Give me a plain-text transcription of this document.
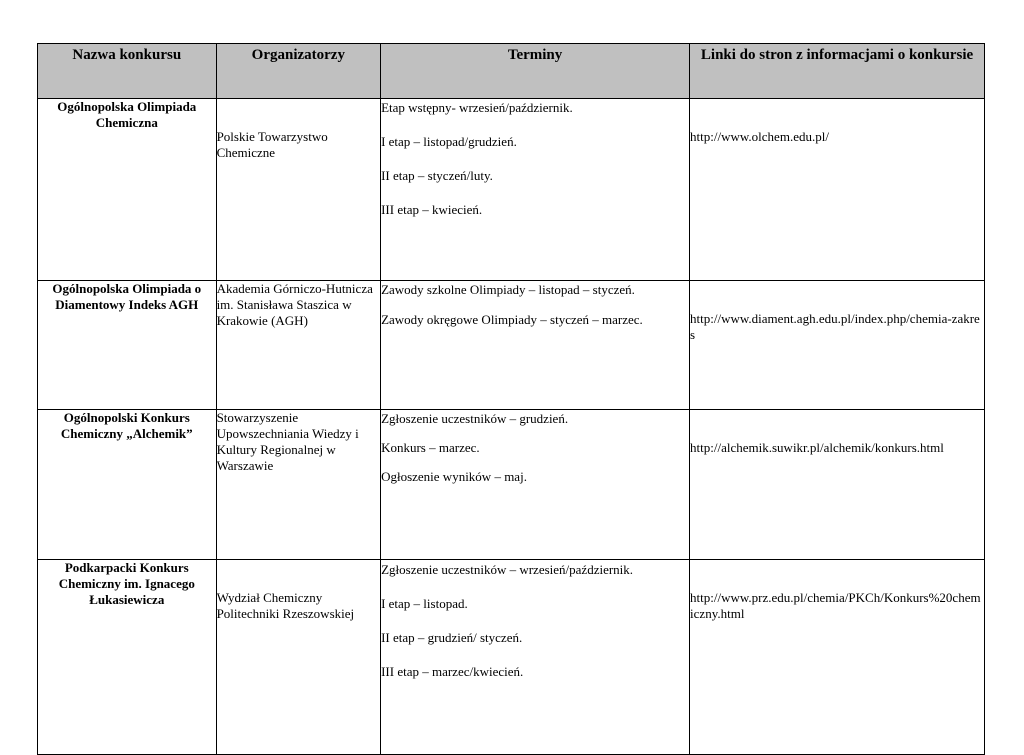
Nazwa konkursu	Organizatorzy	Terminy	Linki do stron z informacjami o konkursie
Ogólnopolska Olimpiada Chemiczna	Polskie Towarzystwo Chemiczne	Etap wstępny- wrzesień/październik.

I etap – listopad/grudzień.

II etap – styczeń/luty.

III etap – kwiecień.	http://www.olchem.edu.pl/
Ogólnopolska Olimpiada o Diamentowy Indeks AGH	Akademia Górniczo-Hutnicza im. Stanisława Staszica w Krakowie (AGH)	Zawody szkolne Olimpiady – listopad – styczeń.

Zawody okręgowe Olimpiady – styczeń – marzec.	http://www.diament.agh.edu.pl/index.php/chemia-zakres
Ogólnopolski Konkurs Chemiczny „Alchemik”	Stowarzyszenie Upowszechniania Wiedzy i Kultury Regionalnej w Warszawie	Zgłoszenie uczestników – grudzień.

Konkurs – marzec.

Ogłoszenie wyników – maj.	http://alchemik.suwikr.pl/alchemik/konkurs.html
Podkarpacki Konkurs Chemiczny im. Ignacego Łukasiewicza	Wydział Chemiczny Politechniki Rzeszowskiej	Zgłoszenie uczestników – wrzesień/październik.

I etap – listopad.

II etap – grudzień/ styczeń.

III etap – marzec/kwiecień.	http://www.prz.edu.pl/chemia/PKCh/Konkurs%20chemiczny.html
